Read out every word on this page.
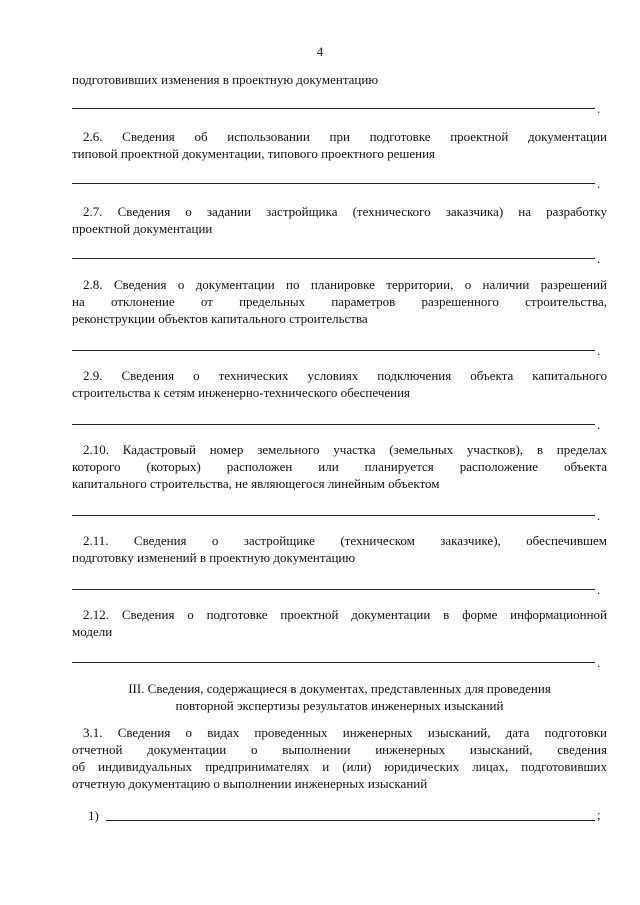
4
подготовивших изменения в проектную документацию
.
2.6. Сведения об использовании при подготовке проектной документации
типовой проектной документации, типового проектного решения
.
2.7. Сведения о задании застройщика (технического заказчика) на разработку
проектной документации
.
2.8. Сведения о документации по планировке территории, о наличии разрешений
на отклонение от предельных параметров разрешенного строительства,
реконструкции объектов капитального строительства
.
2.9. Сведения о технических условиях подключения объекта капитального
строительства к сетям инженерно-технического обеспечения
.
2.10. Кадастровый номер земельного участка (земельных участков), в пределах
которого (которых) расположен или планируется расположение объекта
капитального строительства, не являющегося линейным объектом
.
2.11. Сведения о застройщике (техническом заказчике), обеспечившем
подготовку изменений в проектную документацию
.
2.12. Сведения о подготовке проектной документации в форме информационной
модели
.
III. Сведения, содержащиеся в документах, представленных для проведения
повторной экспертизы результатов инженерных изысканий
3.1. Сведения о видах проведенных инженерных изысканий, дата подготовки
отчетной документации о выполнении инженерных изысканий, сведения
об индивидуальных предпринимателях и (или) юридических лицах, подготовивших
отчетную документацию о выполнении инженерных изысканий
1)	;
